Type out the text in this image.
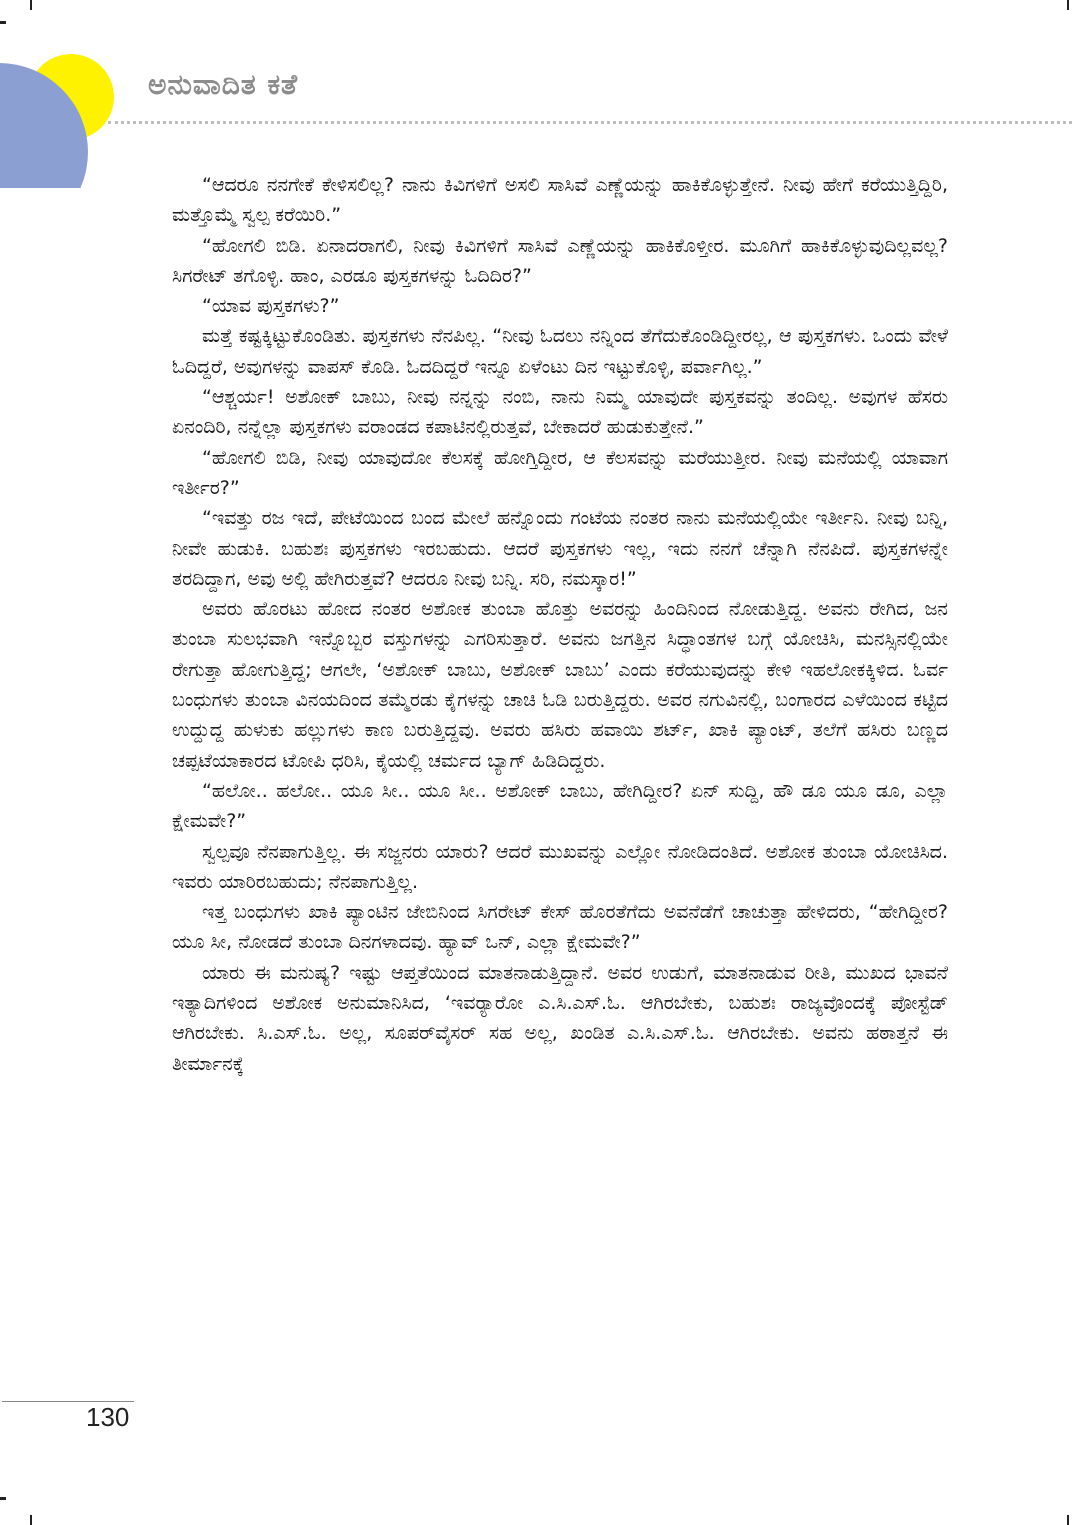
ಅನುವಾದಿತ ಕತೆ

“ಆದರೂ ನನಗೇಕೆ ಕೇಳಿಸಲಿಲ್ಲ? ನಾನು ಕಿವಿಗಳಿಗೆ ಅಸಲಿ ಸಾಸಿವೆ ಎಣ್ಣೆಯನ್ನು ಹಾಕಿಕೊಳ್ಳುತ್ತೇನೆ. ನೀವು ಹೇಗೆ ಕರೆಯುತ್ತಿದ್ದಿರಿ, ಮತ್ತೊಮ್ಮೆ ಸ್ವಲ್ಪ ಕರೆಯಿರಿ.”

“ಹೋಗಲಿ ಬಿಡಿ. ಏನಾದರಾಗಲಿ, ನೀವು ಕಿವಿಗಳಿಗೆ ಸಾಸಿವೆ ಎಣ್ಣೆಯನ್ನು ಹಾಕಿಕೊಳ್ತೀರ. ಮೂಗಿಗೆ ಹಾಕಿಕೊಳ್ಳುವುದಿಲ್ಲವಲ್ಲ? ಸಿಗರೇಟ್ ತಗೊಳ್ಳಿ. ಹಾಂ, ಎರಡೂ ಪುಸ್ತಕಗಳನ್ನು ಓದಿದಿರ?”

“ಯಾವ ಪುಸ್ತಕಗಳು?”

ಮತ್ತೆ ಕಷ್ಟಕ್ಕಿಟ್ಟುಕೊಂಡಿತು. ಪುಸ್ತಕಗಳು ನೆನಪಿಲ್ಲ. “ನೀವು ಓದಲು ನನ್ನಿಂದ ತೆಗೆದುಕೊಂಡಿದ್ದೀರಲ್ಲ, ಆ ಪುಸ್ತಕಗಳು. ಒಂದು ವೇಳೆ ಓದಿದ್ದರೆ, ಅವುಗಳನ್ನು ವಾಪಸ್ ಕೊಡಿ. ಓದದಿದ್ದರೆ ಇನ್ನೂ ಏಳೆಂಟು ದಿನ ಇಟ್ಟುಕೊಳ್ಳಿ, ಪರ್ವಾಗಿಲ್ಲ.”

“ಆಶ್ಚರ್ಯ! ಅಶೋಕ್ ಬಾಬು, ನೀವು ನನ್ನನ್ನು ನಂಬಿ, ನಾನು ನಿಮ್ಮ ಯಾವುದೇ ಪುಸ್ತಕವನ್ನು ತಂದಿಲ್ಲ. ಅವುಗಳ ಹೆಸರು ಏನಂದಿರಿ, ನನ್ನೆಲ್ಲಾ ಪುಸ್ತಕಗಳು ವರಾಂಡದ ಕಪಾಟಿನಲ್ಲಿರುತ್ತವೆ, ಬೇಕಾದರೆ ಹುಡುಕುತ್ತೇನೆ.”

“ಹೋಗಲಿ ಬಿಡಿ, ನೀವು ಯಾವುದೋ ಕೆಲಸಕ್ಕೆ ಹೋಗ್ತಿದ್ದೀರ, ಆ ಕೆಲಸವನ್ನು ಮರೆಯುತ್ತೀರ. ನೀವು ಮನೆಯಲ್ಲಿ ಯಾವಾಗ ಇರ್ತೀರ?”

“ಇವತ್ತು ರಜ ಇದೆ, ಪೇಟೆಯಿಂದ ಬಂದ ಮೇಲೆ ಹನ್ನೊಂದು ಗಂಟೆಯ ನಂತರ ನಾನು ಮನೆಯಲ್ಲಿಯೇ ಇರ್ತೀನಿ. ನೀವು ಬನ್ನಿ, ನೀವೇ ಹುಡುಕಿ. ಬಹುಶಃ ಪುಸ್ತಕಗಳು ಇರಬಹುದು. ಆದರೆ ಪುಸ್ತಕಗಳು ಇಲ್ಲ, ಇದು ನನಗೆ ಚೆನ್ನಾಗಿ ನೆನಪಿದೆ. ಪುಸ್ತಕಗಳನ್ನೇ ತರದಿದ್ದಾಗ, ಅವು ಅಲ್ಲಿ ಹೇಗಿರುತ್ತವೆ? ಆದರೂ ನೀವು ಬನ್ನಿ. ಸರಿ, ನಮಸ್ಕಾರ!”

ಅವರು ಹೊರಟು ಹೋದ ನಂತರ ಅಶೋಕ ತುಂಬಾ ಹೊತ್ತು ಅವರನ್ನು ಹಿಂದಿನಿಂದ ನೋಡುತ್ತಿದ್ದ. ಅವನು ರೇಗಿದ, ಜನ ತುಂಬಾ ಸುಲಭವಾಗಿ ಇನ್ನೊಬ್ಬರ ವಸ್ತುಗಳನ್ನು ಎಗರಿಸುತ್ತಾರೆ. ಅವನು ಜಗತ್ತಿನ ಸಿದ್ಧಾಂತಗಳ ಬಗ್ಗೆ ಯೋಚಿಸಿ, ಮನಸ್ಸಿನಲ್ಲಿಯೇ ರೇಗುತ್ತಾ ಹೋಗುತ್ತಿದ್ದ; ಆಗಲೇ, ‘ಅಶೋಕ್ ಬಾಬು, ಅಶೋಕ್ ಬಾಬು’ ಎಂದು ಕರೆಯುವುದನ್ನು ಕೇಳಿ ಇಹಲೋಕಕ್ಕಿಳಿದ. ಓರ್ವ ಬಂಧುಗಳು ತುಂಬಾ ವಿನಯದಿಂದ ತಮ್ಮೆರಡು ಕೈಗಳನ್ನು ಚಾಚಿ ಓಡಿ ಬರುತ್ತಿದ್ದರು. ಅವರ ನಗುವಿನಲ್ಲಿ, ಬಂಗಾರದ ಎಳೆಯಿಂದ ಕಟ್ಟಿದ ಉದ್ದುದ್ದ ಹುಳುಕು ಹಲ್ಲುಗಳು ಕಾಣ ಬರುತ್ತಿದ್ದವು. ಅವರು ಹಸಿರು ಹವಾಯಿ ಶರ್ಟ್, ಖಾಕಿ ಪ್ಯಾಂಟ್, ತಲೆಗೆ ಹಸಿರು ಬಣ್ಣದ ಚಪ್ಪಟೆಯಾಕಾರದ ಟೋಪಿ ಧರಿಸಿ, ಕೈಯಲ್ಲಿ ಚರ್ಮದ ಬ್ಯಾಗ್ ಹಿಡಿದಿದ್ದರು.

“ಹಲೋ.. ಹಲೋ.. ಯೂ ಸೀ.. ಯೂ ಸೀ.. ಅಶೋಕ್ ಬಾಬು, ಹೇಗಿದ್ದೀರ? ಏನ್ ಸುದ್ದಿ, ಹೌ ಡೂ ಯೂ ಡೂ, ಎಲ್ಲಾ ಕ್ಷೇಮವೇ?”

ಸ್ವಲ್ಪವೂ ನೆನಪಾಗುತ್ತಿಲ್ಲ. ಈ ಸಜ್ಜನರು ಯಾರು? ಆದರೆ ಮುಖವನ್ನು ಎಲ್ಲೋ ನೋಡಿದಂತಿದೆ. ಅಶೋಕ ತುಂಬಾ ಯೋಚಿಸಿದ. ಇವರು ಯಾರಿರಬಹುದು; ನೆನಪಾಗುತ್ತಿಲ್ಲ.

ಇತ್ತ ಬಂಧುಗಳು ಖಾಕಿ ಪ್ಯಾಂಟಿನ ಜೇಬಿನಿಂದ ಸಿಗರೇಟ್ ಕೇಸ್ ಹೊರತೆಗೆದು ಅವನೆಡೆಗೆ ಚಾಚುತ್ತಾ ಹೇಳಿದರು, “ಹೇಗಿದ್ದೀರ? ಯೂ ಸೀ, ನೋಡದೆ ತುಂಬಾ ದಿನಗಳಾದವು. ಹ್ಯಾವ್ ಒನ್, ಎಲ್ಲಾ ಕ್ಷೇಮವೇ?”

ಯಾರು ಈ ಮನುಷ್ಯ? ಇಷ್ಟು ಆಪ್ತತೆಯಿಂದ ಮಾತನಾಡುತ್ತಿದ್ದಾನೆ. ಅವರ ಉಡುಗೆ, ಮಾತನಾಡುವ ರೀತಿ, ಮುಖದ ಭಾವನೆ ಇತ್ಯಾದಿಗಳಿಂದ ಅಶೋಕ ಅನುಮಾನಿಸಿದ, ‘ಇವರ್‍ಯಾರೋ ಎ.ಸಿ.ಎಸ್.ಓ. ಆಗಿರಬೇಕು, ಬಹುಶಃ ರಾಜ್ಯವೊಂದಕ್ಕೆ ಪೋಸ್ಟೆಡ್ ಆಗಿರಬೇಕು. ಸಿ.ಎಸ್.ಓ. ಅಲ್ಲ, ಸೂಪರ್‌ವೈಸರ್ ಸಹ ಅಲ್ಲ, ಖಂಡಿತ ಎ.ಸಿ.ಎಸ್.ಓ. ಆಗಿರಬೇಕು. ಅವನು ಹಠಾತ್ತನೆ ಈ ತೀರ್ಮಾನಕ್ಕೆ

130
